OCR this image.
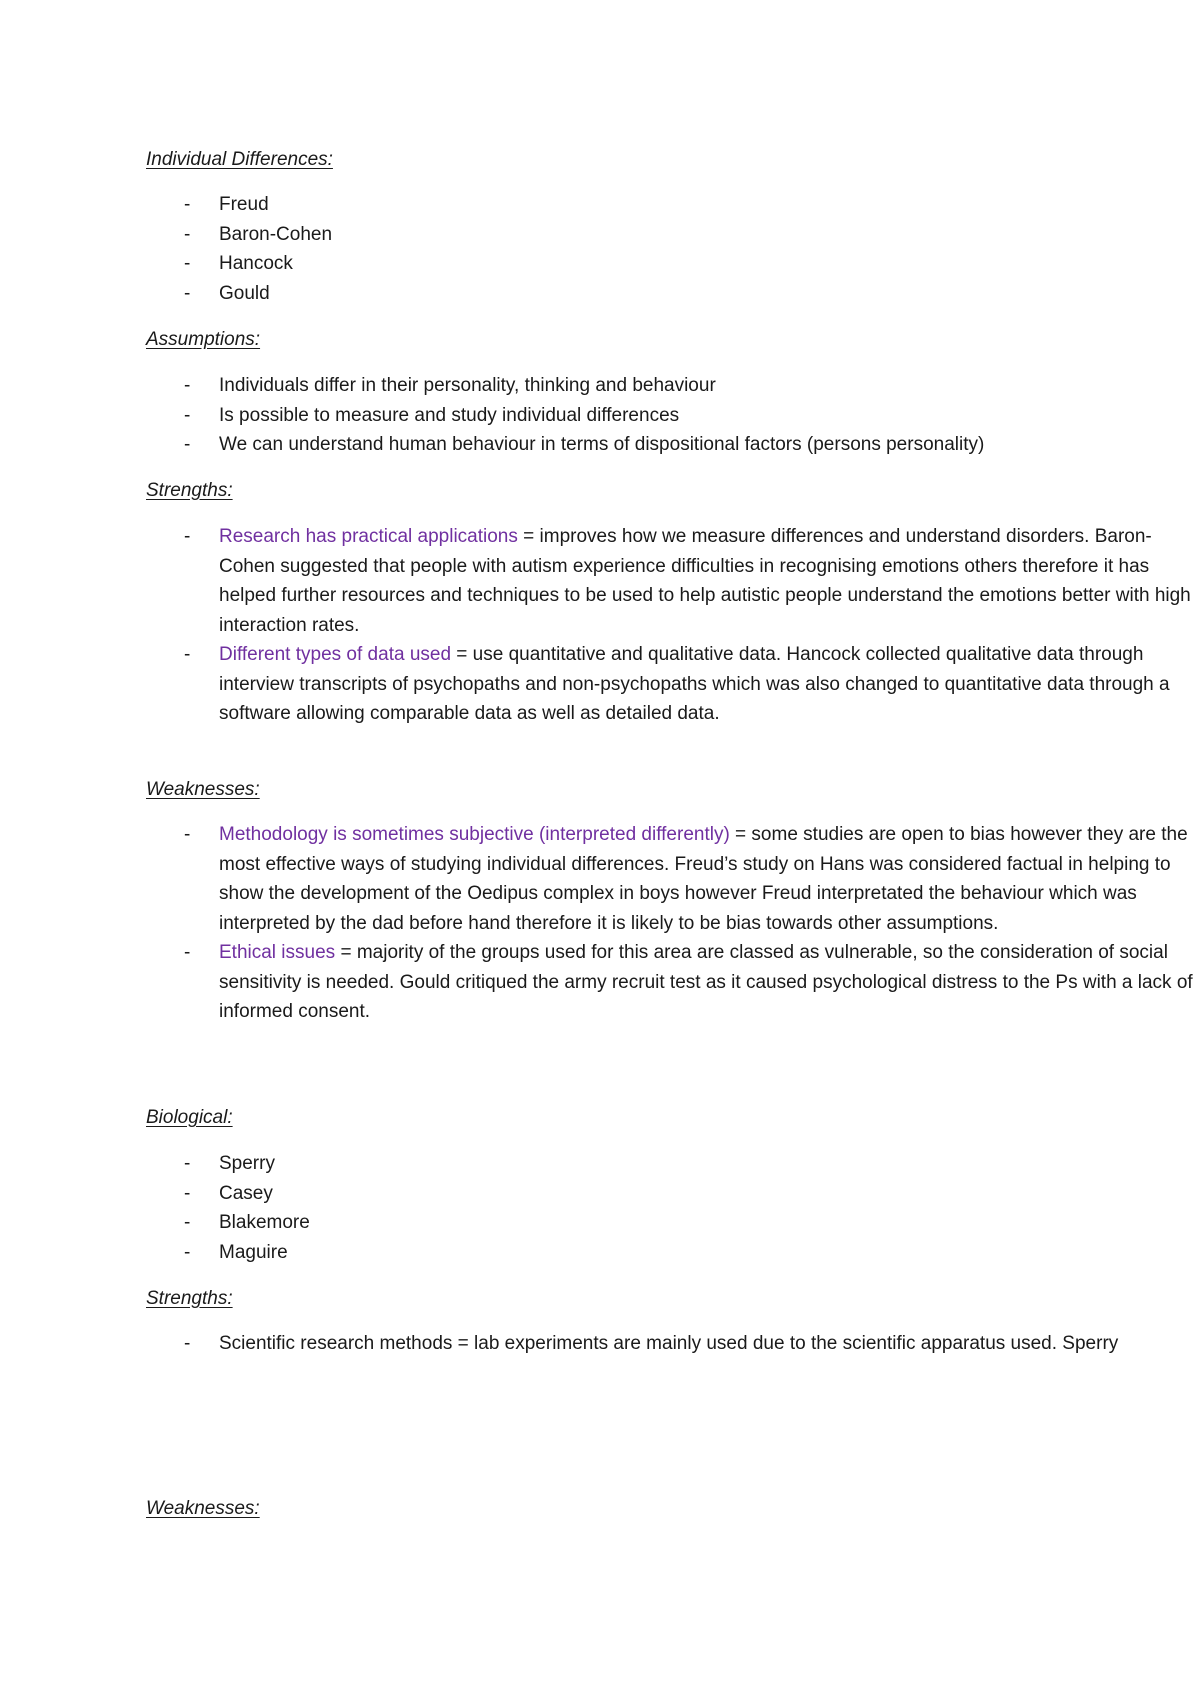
Individual Differences:
- Freud
- Baron-Cohen
- Hancock
- Gould
Assumptions:
- Individuals differ in their personality, thinking and behaviour
- Is possible to measure and study individual differences
- We can understand human behaviour in terms of dispositional factors (persons personality)
Strengths:
- Research has practical applications = improves how we measure differences and understand disorders. Baron-Cohen suggested that people with autism experience difficulties in recognising emotions others therefore it has helped further resources and techniques to be used to help autistic people understand the emotions better with high interaction rates.
- Different types of data used = use quantitative and qualitative data. Hancock collected qualitative data through interview transcripts of psychopaths and non-psychopaths which was also changed to quantitative data through a software allowing comparable data as well as detailed data.
Weaknesses:
- Methodology is sometimes subjective (interpreted differently) = some studies are open to bias however they are the most effective ways of studying individual differences. Freud’s study on Hans was considered factual in helping to show the development of the Oedipus complex in boys however Freud interpretated the behaviour which was interpreted by the dad before hand therefore it is likely to be bias towards other assumptions.
- Ethical issues = majority of the groups used for this area are classed as vulnerable, so the consideration of social sensitivity is needed. Gould critiqued the army recruit test as it caused psychological distress to the Ps with a lack of informed consent.
Biological:
- Sperry
- Casey
- Blakemore
- Maguire
Strengths:
- Scientific research methods = lab experiments are mainly used due to the scientific apparatus used. Sperry
Weaknesses:
